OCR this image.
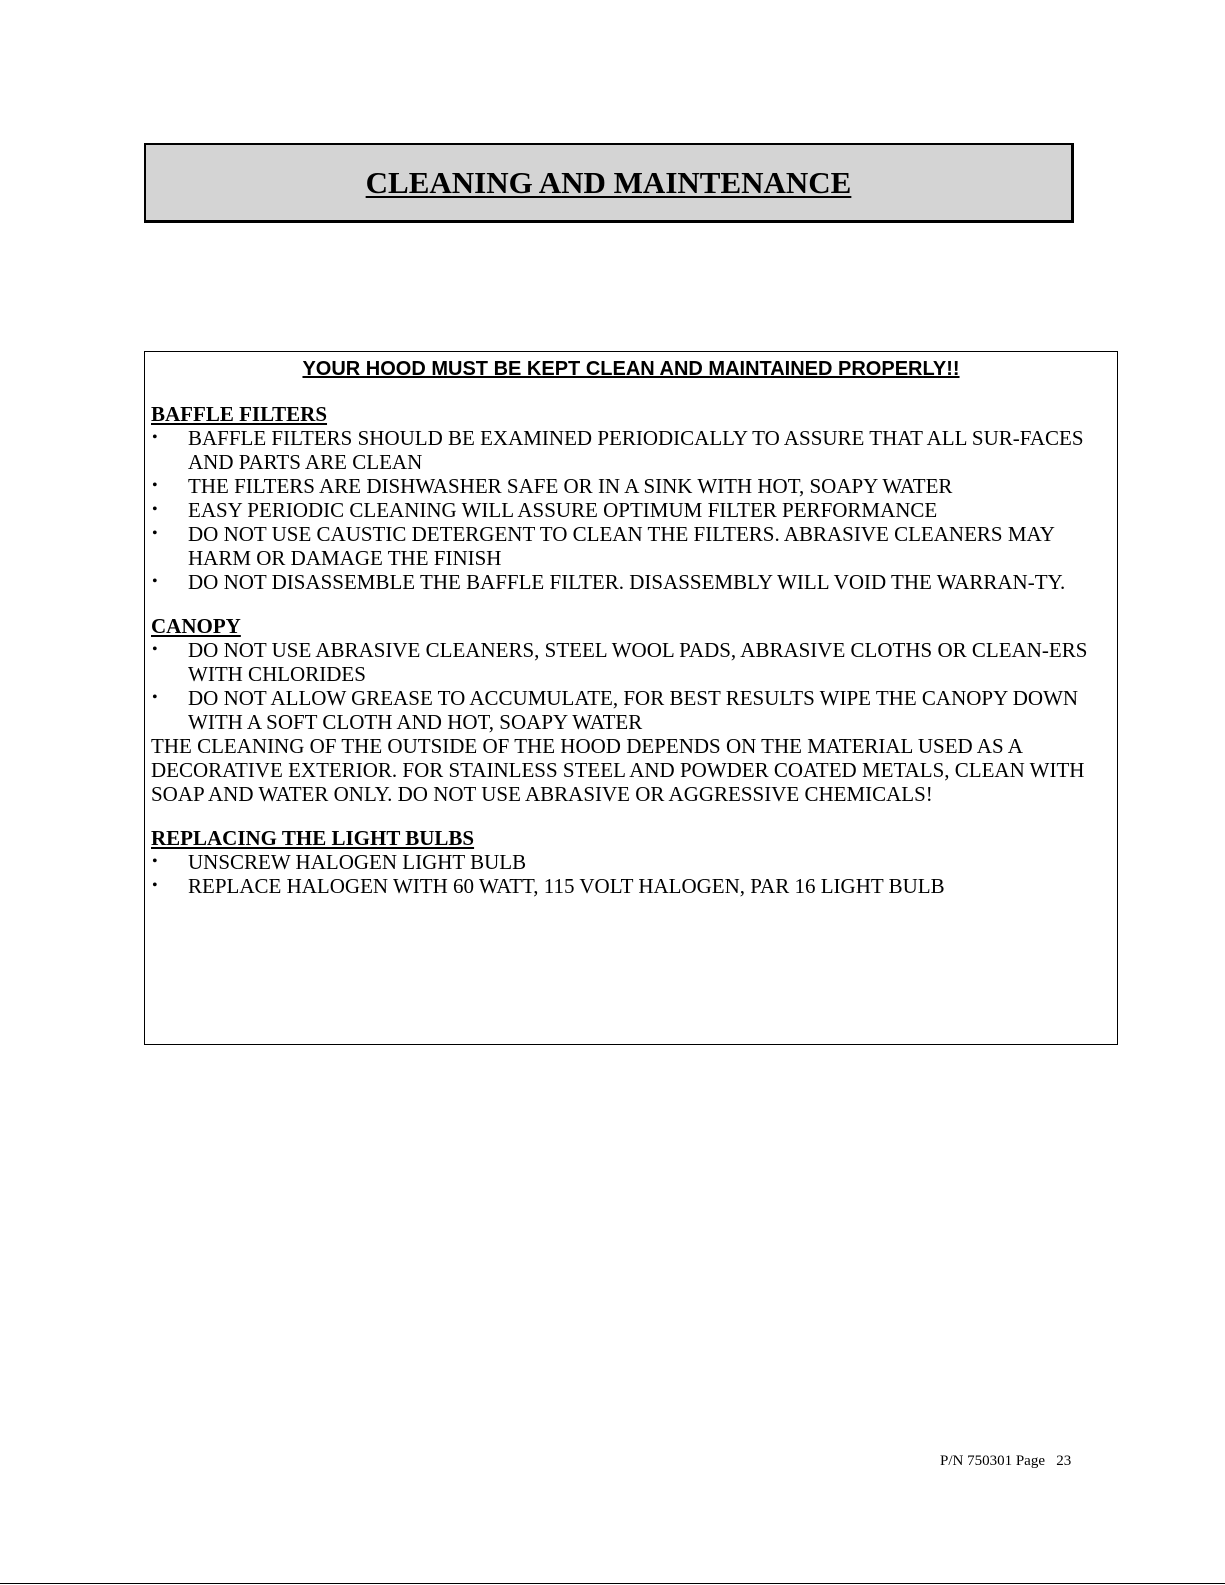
CLEANING AND MAINTENANCE
YOUR HOOD MUST BE KEPT CLEAN AND MAINTAINED PROPERLY!!
BAFFLE FILTERS
• BAFFLE FILTERS SHOULD BE EXAMINED PERIODICALLY TO ASSURE THAT ALL SUR-FACES AND PARTS ARE CLEAN
• THE FILTERS ARE DISHWASHER SAFE OR IN A SINK WITH HOT, SOAPY WATER
• EASY PERIODIC CLEANING WILL ASSURE OPTIMUM FILTER PERFORMANCE
• DO NOT USE CAUSTIC DETERGENT TO CLEAN THE FILTERS. ABRASIVE CLEANERS MAY HARM OR DAMAGE THE FINISH
• DO NOT DISASSEMBLE THE BAFFLE FILTER. DISASSEMBLY WILL VOID THE WARRAN-TY.
CANOPY
• DO NOT USE ABRASIVE CLEANERS, STEEL WOOL PADS, ABRASIVE CLOTHS OR CLEAN-ERS WITH CHLORIDES
• DO NOT ALLOW GREASE TO ACCUMULATE, FOR BEST RESULTS WIPE THE CANOPY DOWN WITH A SOFT CLOTH AND HOT, SOAPY WATER

THE CLEANING OF THE OUTSIDE OF THE HOOD DEPENDS ON THE MATERIAL USED AS A DECORATIVE EXTERIOR. FOR STAINLESS STEEL AND POWDER COATED METALS, CLEAN WITH SOAP AND WATER ONLY. DO NOT USE ABRASIVE OR AGGRESSIVE CHEMICALS!

REPLACING THE LIGHT BULBS
• UNSCREW HALOGEN LIGHT BULB
• REPLACE HALOGEN WITH 60 WATT, 115 VOLT HALOGEN, PAR 16 LIGHT BULB
P/N 750301 Page   23
